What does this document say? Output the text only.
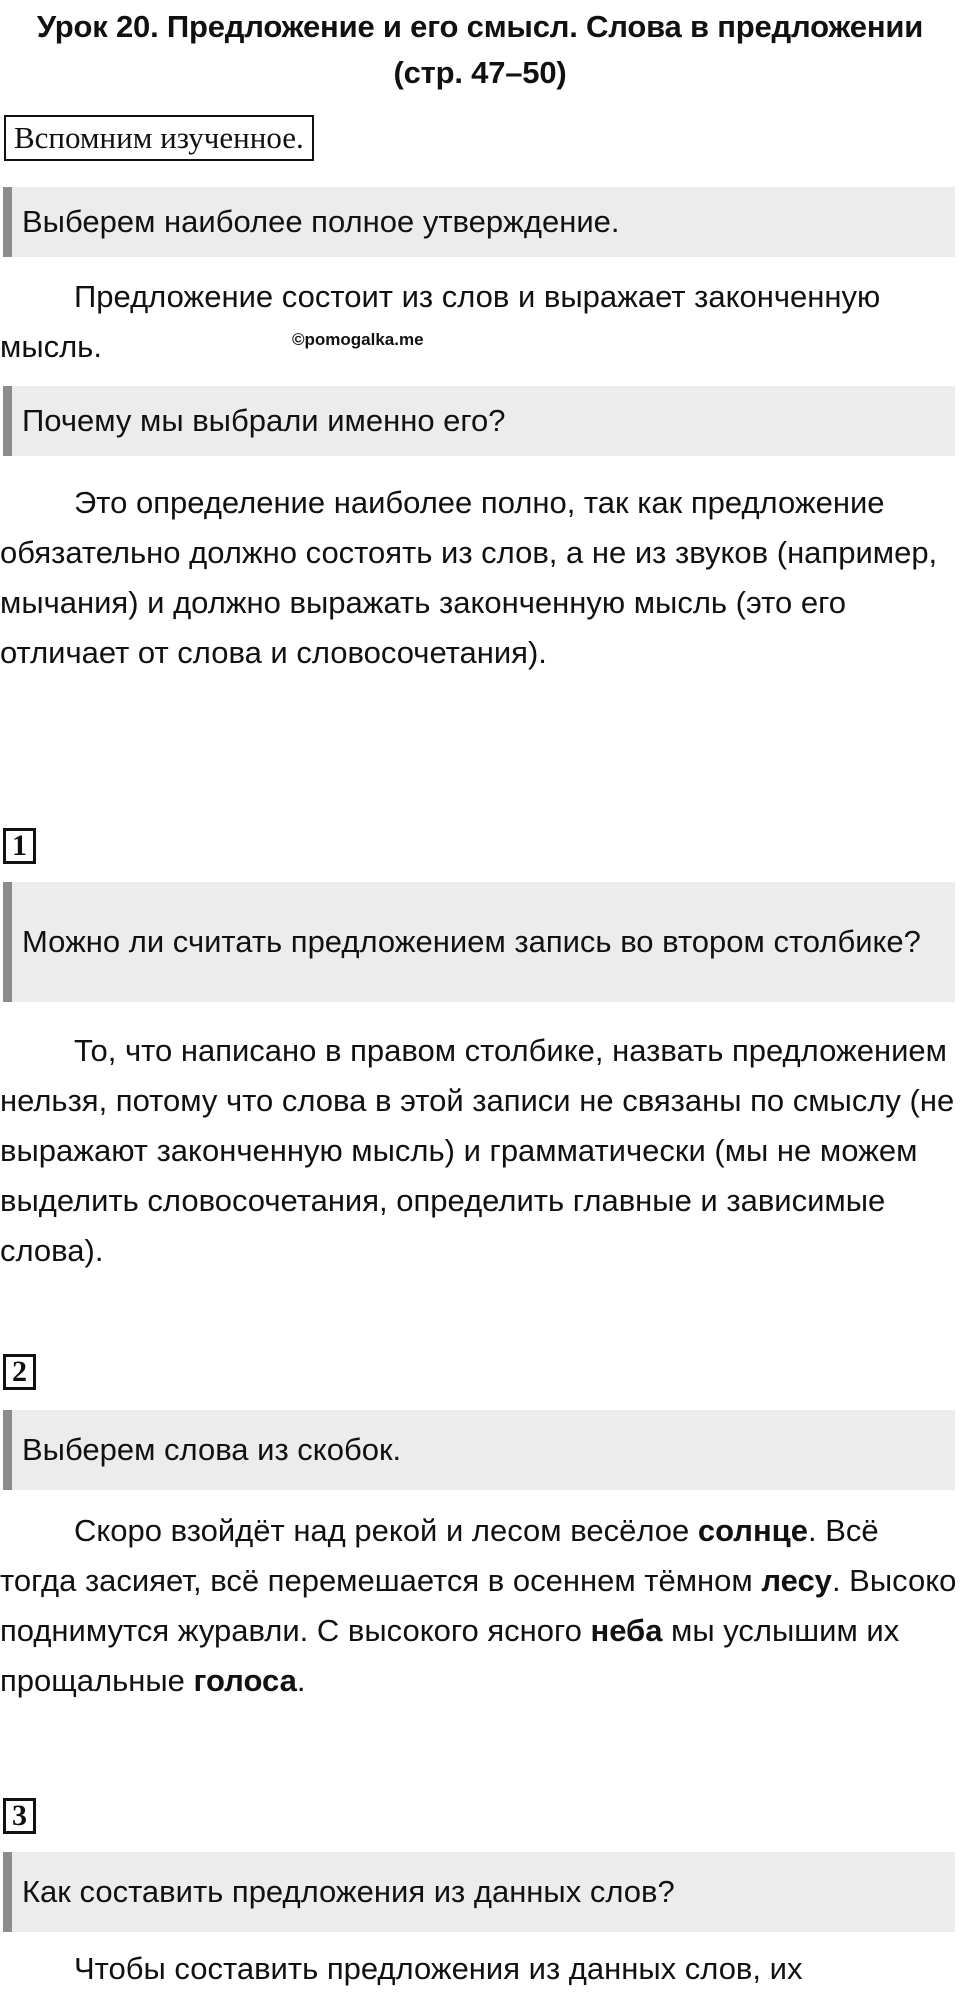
Урок 20. Предложение и его смысл. Слова в предложении
(стр. 47–50)
Вспомним изученное.
Выберем наиболее полное утверждение.
Предложение состоит из слов и выражает законченную мысль.	©pomogalka.me
Почему мы выбрали именно его?
Это определение наиболее полно, так как предложение обязательно должно состоять из слов, а не из звуков (например, мычания) и должно выражать законченную мысль (это его отличает от слова и словосочетания).
1
Можно ли считать предложением запись во втором столбике?
То, что написано в правом столбике, назвать предложением нельзя, потому что слова в этой записи не связаны по смыслу (не выражают законченную мысль) и грамматически (мы не можем выделить словосочетания, определить главные и зависимые слова).
2
Выберем слова из скобок.
Скоро взойдёт над рекой и лесом весёлое солнце. Всё тогда засияет, всё перемешается в осеннем тёмном лесу. Высоко поднимутся журавли. С высокого ясного неба мы услышим их прощальные голоса.
3
Как составить предложения из данных слов?
Чтобы составить предложения из данных слов, их
